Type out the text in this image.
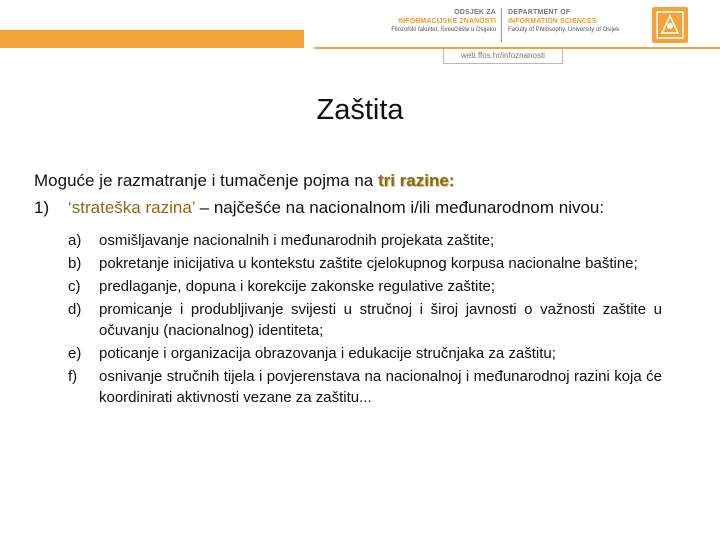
ODSJEK ZA
INFORMACIJSKE ZNANOSTI
Filozofski fakultet, Sveučilište u Osijeku
DEPARTMENT OF
INFORMATION SCIENCES
Faculty of Philosophy, University of Osijek
web.ffos.hr/infoznanosti
Zaštita

Moguće je razmatranje i tumačenje pojma na tri razine:

1)	‘strateška razina’ – najčešće na nacionalnom i/ili međunarodnom nivou:
a)	osmišljavanje nacionalnih i međunarodnih projekata zaštite;
b)	pokretanje inicijativa u kontekstu zaštite cjelokupnog korpusa nacionalne baštine;
c)	predlaganje, dopuna i korekcije zakonske regulative zaštite;
d)	promicanje i produbljivanje svijesti u stručnoj i široj javnosti o važnosti zaštite u očuvanju (nacionalnog) identiteta;
e)	poticanje i organizacija obrazovanja i edukacije stručnjaka za zaštitu;
f)	osnivanje stručnih tijela i povjerenstava na nacionalnoj i međunarodnoj razini koja će koordinirati aktivnosti vezane za zaštitu...
